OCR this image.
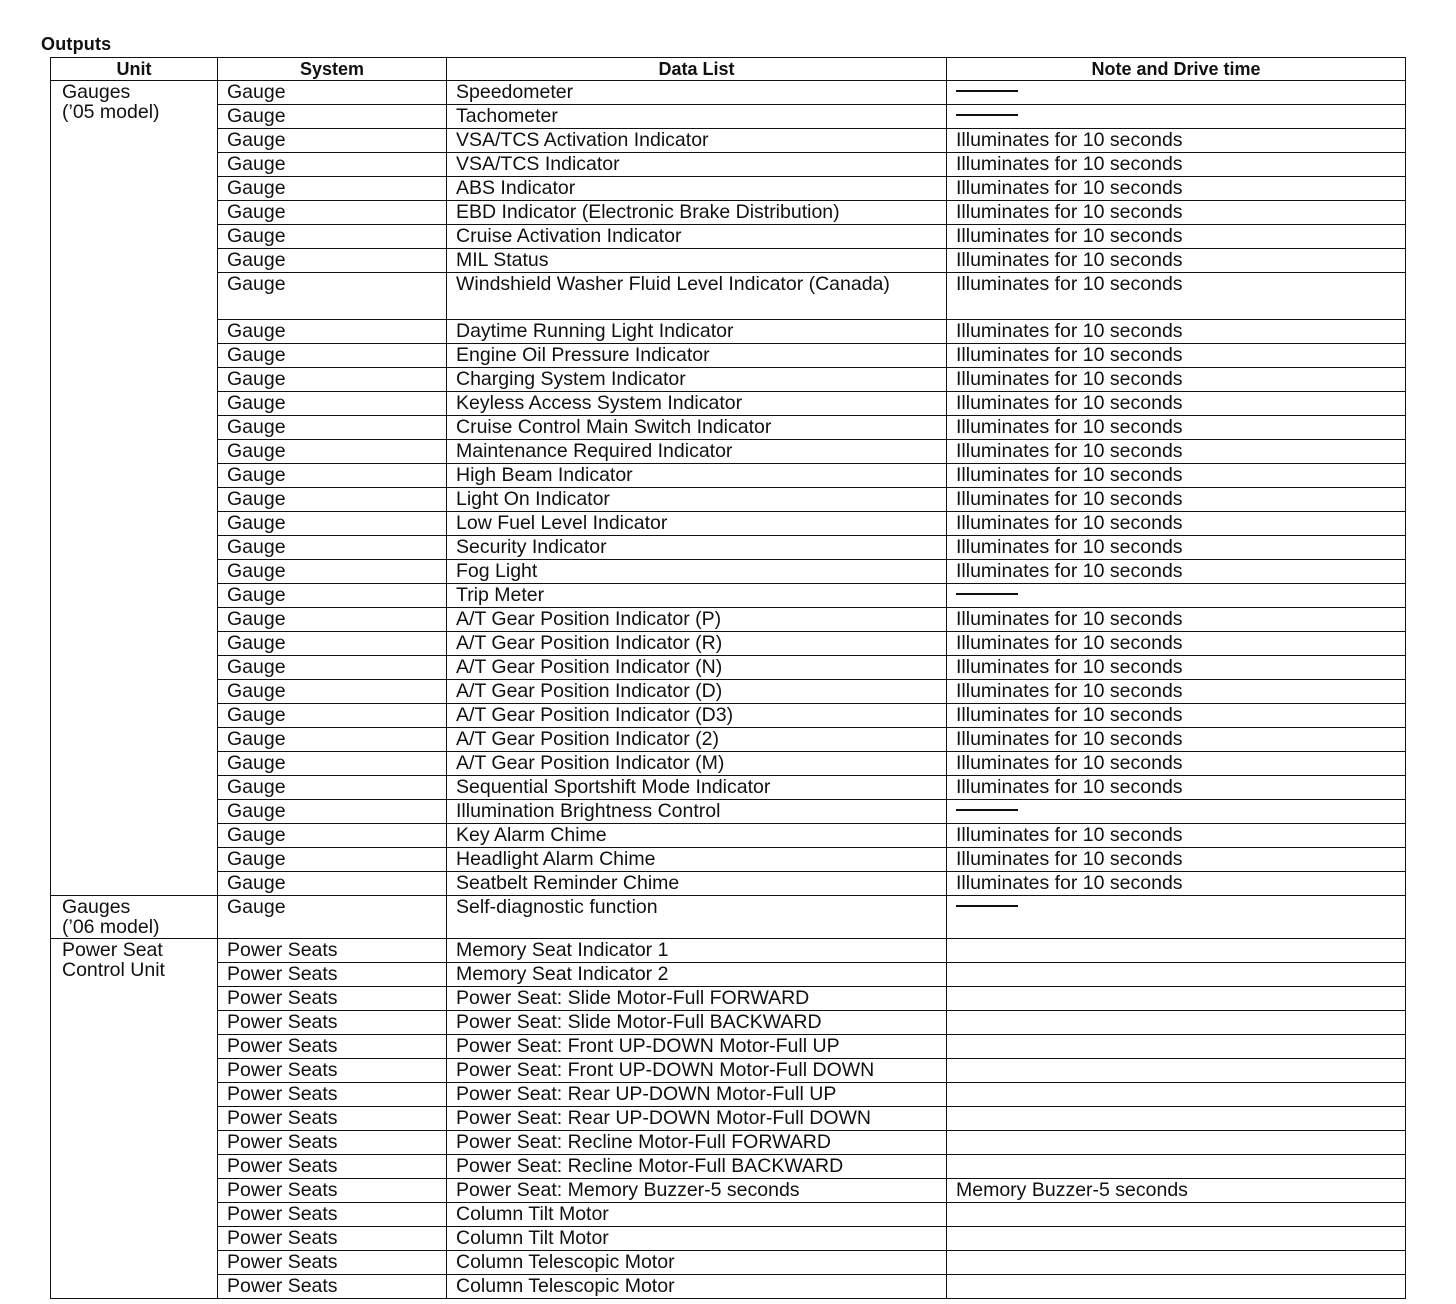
Outputs
Unit	System	Data List	Note and Drive time

Gauges
(’05 model)	Gauge	Speedometer	
	Gauge	Tachometer	
	Gauge	VSA/TCS Activation Indicator	Illuminates for 10 seconds
	Gauge	VSA/TCS Indicator	Illuminates for 10 seconds
	Gauge	ABS Indicator	Illuminates for 10 seconds
	Gauge	EBD Indicator (Electronic Brake Distribution)	Illuminates for 10 seconds
	Gauge	Cruise Activation Indicator	Illuminates for 10 seconds
	Gauge	MIL Status	Illuminates for 10 seconds
	Gauge	Windshield Washer Fluid Level Indicator (Canada)	Illuminates for 10 seconds
	Gauge	Daytime Running Light Indicator	Illuminates for 10 seconds
	Gauge	Engine Oil Pressure Indicator	Illuminates for 10 seconds
	Gauge	Charging System Indicator	Illuminates for 10 seconds
	Gauge	Keyless Access System Indicator	Illuminates for 10 seconds
	Gauge	Cruise Control Main Switch Indicator	Illuminates for 10 seconds
	Gauge	Maintenance Required Indicator	Illuminates for 10 seconds
	Gauge	High Beam Indicator	Illuminates for 10 seconds
	Gauge	Light On Indicator	Illuminates for 10 seconds
	Gauge	Low Fuel Level Indicator	Illuminates for 10 seconds
	Gauge	Security Indicator	Illuminates for 10 seconds
	Gauge	Fog Light	Illuminates for 10 seconds
	Gauge	Trip Meter	
	Gauge	A/T Gear Position Indicator (P)	Illuminates for 10 seconds
	Gauge	A/T Gear Position Indicator (R)	Illuminates for 10 seconds
	Gauge	A/T Gear Position Indicator (N)	Illuminates for 10 seconds
	Gauge	A/T Gear Position Indicator (D)	Illuminates for 10 seconds
	Gauge	A/T Gear Position Indicator (D3)	Illuminates for 10 seconds
	Gauge	A/T Gear Position Indicator (2)	Illuminates for 10 seconds
	Gauge	A/T Gear Position Indicator (M)	Illuminates for 10 seconds
	Gauge	Sequential Sportshift Mode Indicator	Illuminates for 10 seconds
	Gauge	Illumination Brightness Control	
	Gauge	Key Alarm Chime	Illuminates for 10 seconds
	Gauge	Headlight Alarm Chime	Illuminates for 10 seconds
	Gauge	Seatbelt Reminder Chime	Illuminates for 10 seconds

Gauges
(’06 model)	Gauge	Self-diagnostic function	

Power Seat
Control Unit	Power Seats	Memory Seat Indicator 1	
	Power Seats	Memory Seat Indicator 2	
	Power Seats	Power Seat: Slide Motor-Full FORWARD	
	Power Seats	Power Seat: Slide Motor-Full BACKWARD	
	Power Seats	Power Seat: Front UP-DOWN Motor-Full UP	
	Power Seats	Power Seat: Front UP-DOWN Motor-Full DOWN	
	Power Seats	Power Seat: Rear UP-DOWN Motor-Full UP	
	Power Seats	Power Seat: Rear UP-DOWN Motor-Full DOWN	
	Power Seats	Power Seat: Recline Motor-Full FORWARD	
	Power Seats	Power Seat: Recline Motor-Full BACKWARD	
	Power Seats	Power Seat: Memory Buzzer-5 seconds	Memory Buzzer-5 seconds
	Power Seats	Column Tilt Motor	
	Power Seats	Column Tilt Motor	
	Power Seats	Column Telescopic Motor	
	Power Seats	Column Telescopic Motor	
